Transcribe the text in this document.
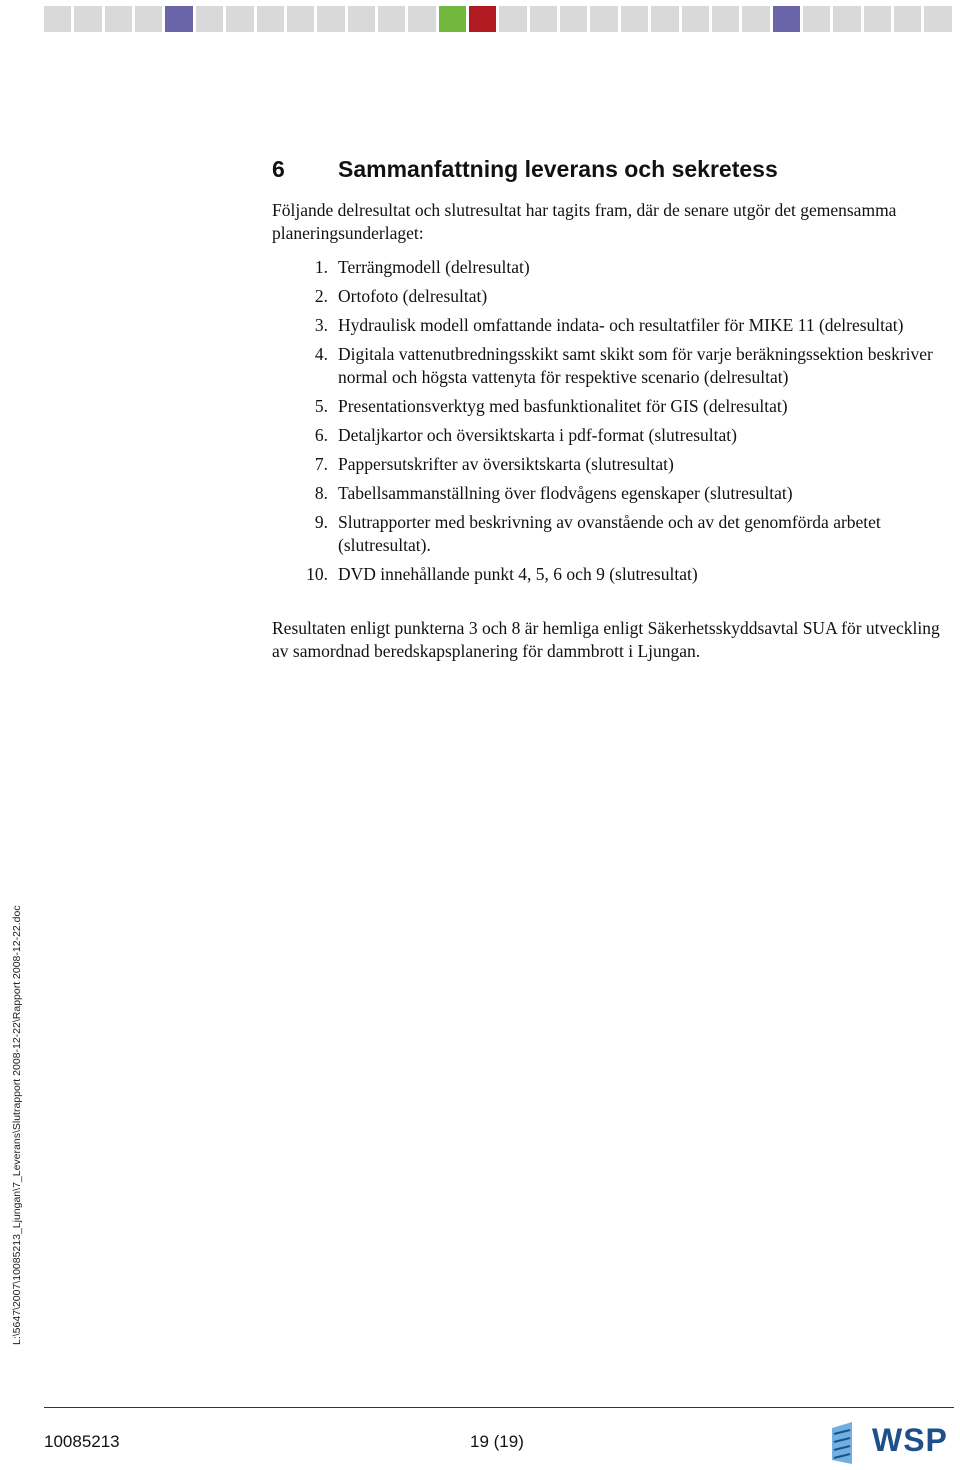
6 Sammanfattning leverans och sekretess
Följande delresultat och slutresultat har tagits fram, där de senare utgör det gemensamma planeringsunderlaget:
1. Terrängmodell (delresultat)
2. Ortofoto (delresultat)
3. Hydraulisk modell omfattande indata- och resultatfiler för MIKE 11 (delresultat)
4. Digitala vattenutbredningsskikt samt skikt som för varje beräkningssektion beskriver normal och högsta vattenyta för respektive scenario (delresultat)
5. Presentationsverktyg med basfunktionalitet för GIS (delresultat)
6. Detaljkartor och översiktskarta i pdf-format (slutresultat)
7. Pappersutskrifter av översiktskarta (slutresultat)
8. Tabellsammanställning över flodvågens egenskaper (slutresultat)
9. Slutrapporter med beskrivning av ovanstående och av det genomförda arbetet (slutresultat).
10. DVD innehållande punkt 4, 5, 6 och 9 (slutresultat)
Resultaten enligt punkterna 3 och 8 är hemliga enligt Säkerhetsskyddsavtal SUA för utveckling av samordnad beredskapsplanering för dammbrott i Ljungan.
L:\5647\2007\10085213_Ljungan\7_Leverans\Slutrapport 2008-12-22\Rapport 2008-12-22.doc
10085213	19 (19)	WSP
